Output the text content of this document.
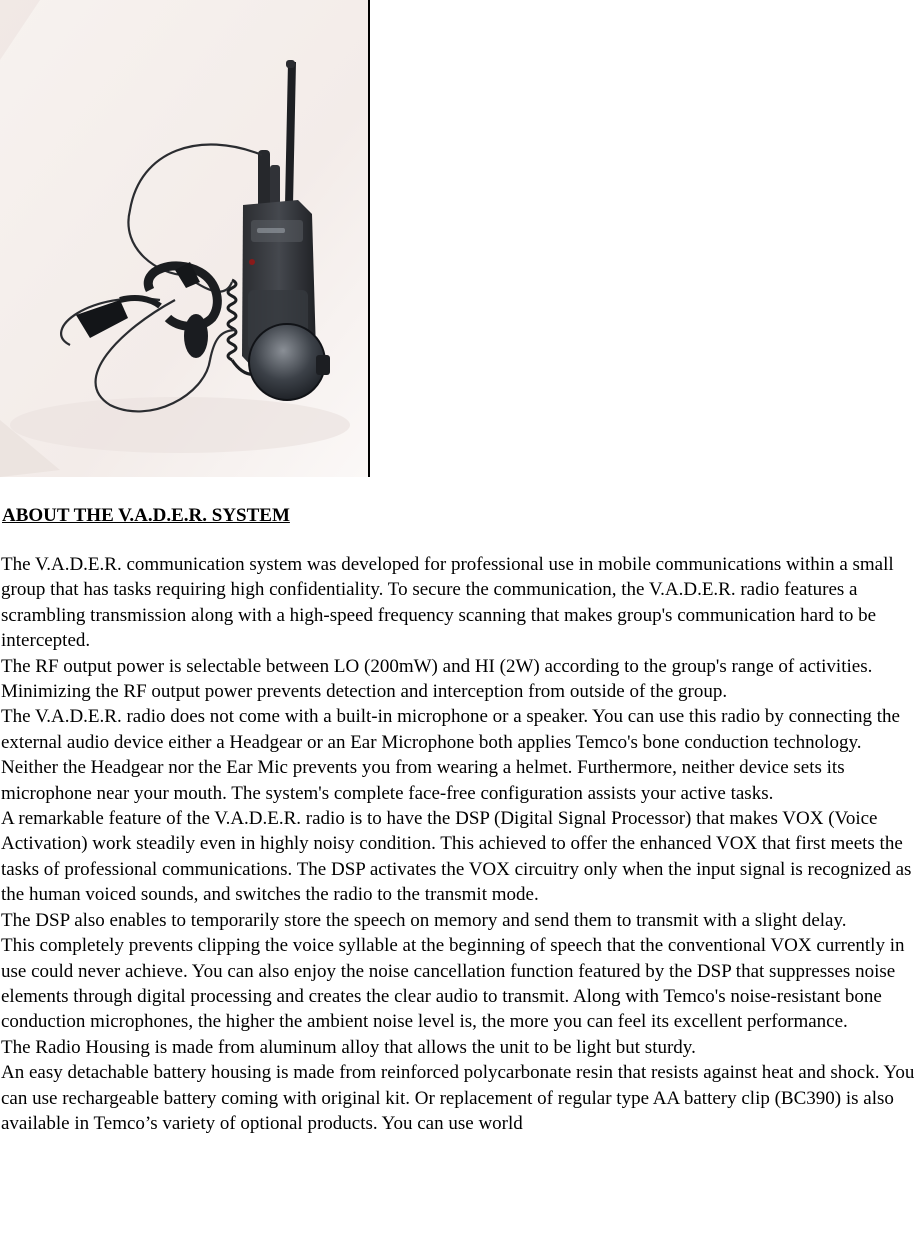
ABOUT THE V.A.D.E.R. SYSTEM

The V.A.D.E.R. communication system was developed for professional use in mobile communications within a small group that has tasks requiring high confidentiality. To secure the communication, the V.A.D.E.R. radio features a scrambling transmission along with a high-speed frequency scanning that makes group's communication hard to be intercepted.

The RF output power is selectable between LO (200mW) and HI (2W) according to the group's range of activities. Minimizing the RF output power prevents detection and interception from outside of the group.

The V.A.D.E.R. radio does not come with a built-in microphone or a speaker. You can use this radio by connecting the external audio device either a Headgear or an Ear Microphone both applies Temco's bone conduction technology. Neither the Headgear nor the Ear Mic prevents you from wearing a helmet. Furthermore, neither device sets its microphone near your mouth. The system's complete face-free configuration assists your active tasks.

A remarkable feature of the V.A.D.E.R. radio is to have the DSP (Digital Signal Processor) that makes VOX (Voice Activation) work steadily even in highly noisy condition. This achieved to offer the enhanced VOX that first meets the tasks of professional communications. The DSP activates the VOX circuitry only when the input signal is recognized as the human voiced sounds, and switches the radio to the transmit mode.

The DSP also enables to temporarily store the speech on memory and send them to transmit with a slight delay.

This completely prevents clipping the voice syllable at the beginning of speech that the conventional VOX currently in use could never achieve. You can also enjoy the noise cancellation function featured by the DSP that suppresses noise elements through digital processing and creates the clear audio to transmit. Along with Temco's noise-resistant bone conduction microphones, the higher the ambient noise level is, the more you can feel its excellent performance.

The Radio Housing is made from aluminum alloy that allows the unit to be light but sturdy.

An easy detachable battery housing is made from reinforced polycarbonate resin that resists against heat and shock. You can use rechargeable battery coming with original kit. Or replacement of regular type AA battery clip (BC390) is also available in Temco’s variety of optional products. You can use world
